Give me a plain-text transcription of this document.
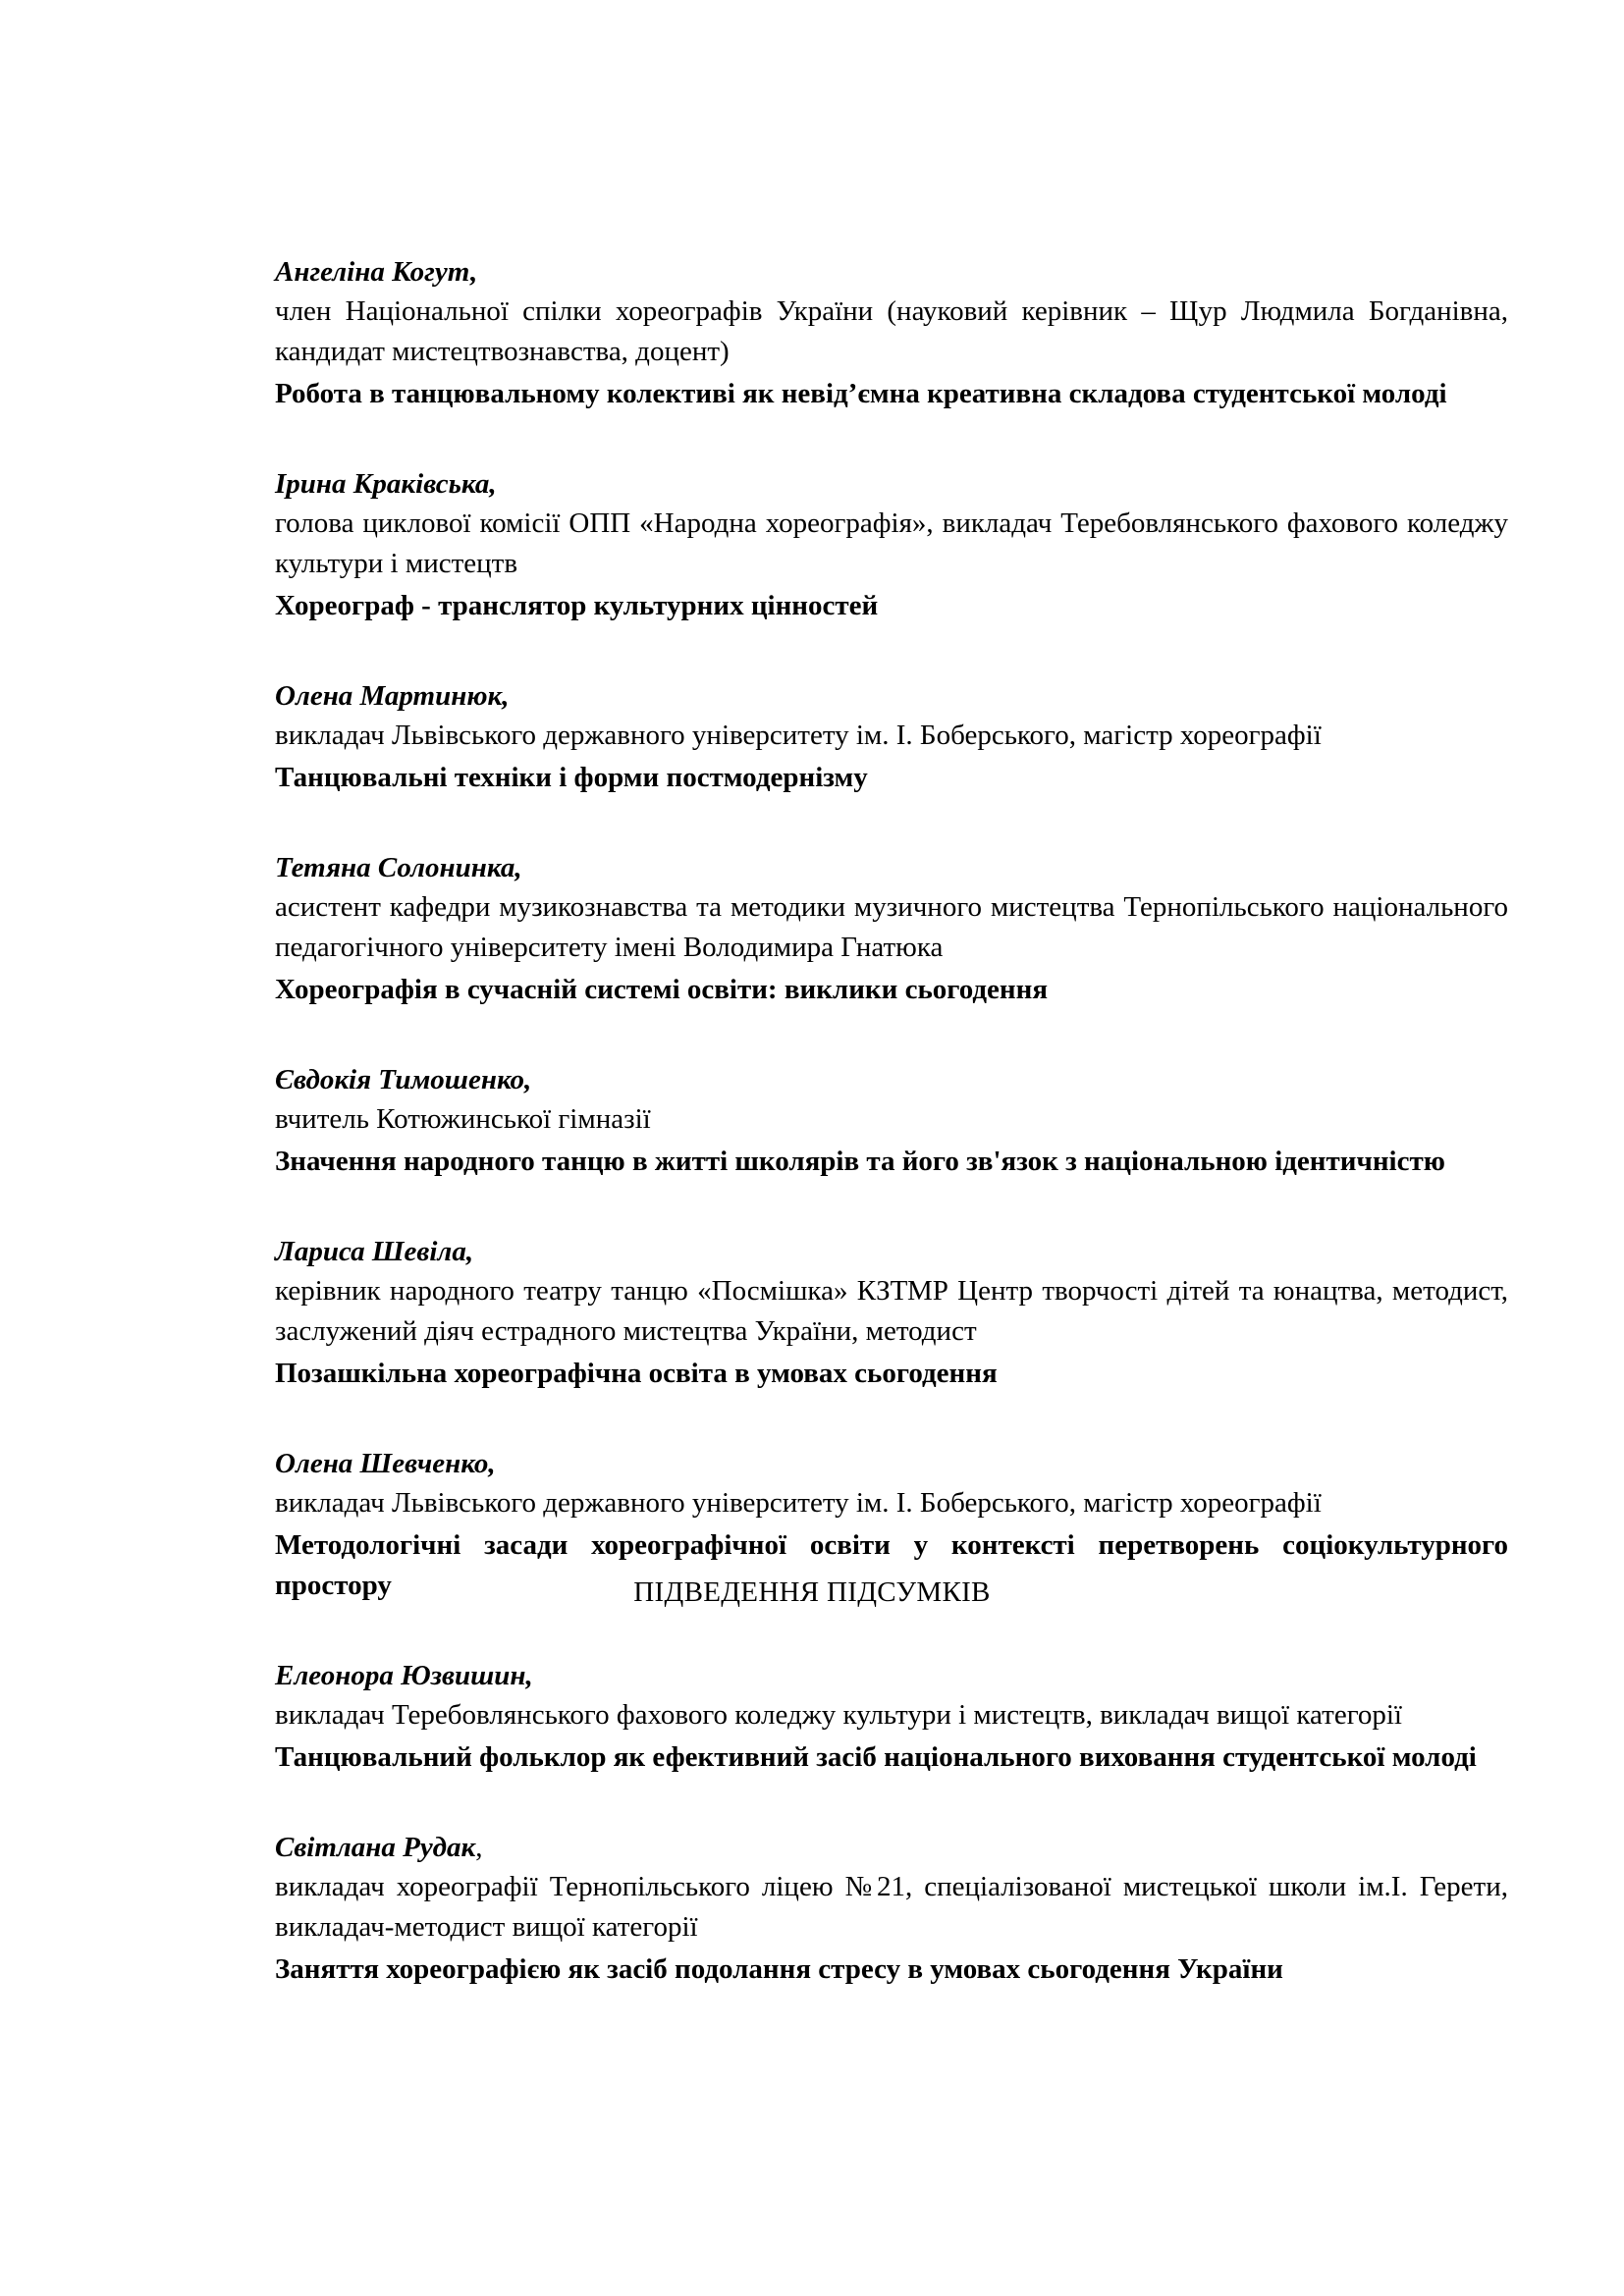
Ангеліна Когут,

член Національної спілки хореографів України (науковий керівник – Щур Людмила Богданівна, кандидат мистецтвознавства, доцент)

Робота в танцювальному колективі як невід’ємна креативна складова студентської молоді

Ірина Краківська,

голова циклової комісії ОПП «Народна хореографія», викладач Теребовлянського фахового коледжу культури і мистецтв

Хореограф - транслятор культурних цінностей

Олена Мартинюк,

викладач Львівського державного університету ім. І. Боберського, магістр хореографії

Танцювальні техніки і форми постмодернізму

Тетяна Солонинка,

асистент кафедри музикознавства та методики музичного мистецтва Тернопільського національного педагогічного університету імені Володимира Гнатюка

Хореографія в сучасній системі освіти: виклики сьогодення

Євдокія Тимошенко,

вчитель Котюжинської гімназії

Значення народного танцю в житті школярів та його зв'язок з національною ідентичністю

Лариса Шевіла,

керівник народного театру танцю «Посмішка» КЗТМР Центр творчості дітей та юнацтва, методист, заслужений діяч естрадного мистецтва України, методист

Позашкільна хореографічна освіта в умовах сьогодення

Олена Шевченко,

викладач Львівського державного університету ім. І. Боберського, магістр хореографії

Методологічні засади хореографічної освіти у контексті перетворень соціокультурного простору

Елеонора Юзвишин,

викладач Теребовлянського фахового коледжу культури і мистецтв, викладач вищої категорії

Танцювальний фольклор як ефективний засіб національного виховання студентської молоді

Світлана Рудак,

викладач хореографії Тернопільського ліцею №21, спеціалізованої мистецької школи ім.І. Герети, викладач-методист вищої категорії

Заняття хореографією як засіб подолання стресу в умовах сьогодення України

ПІДВЕДЕННЯ ПІДСУМКІВ
